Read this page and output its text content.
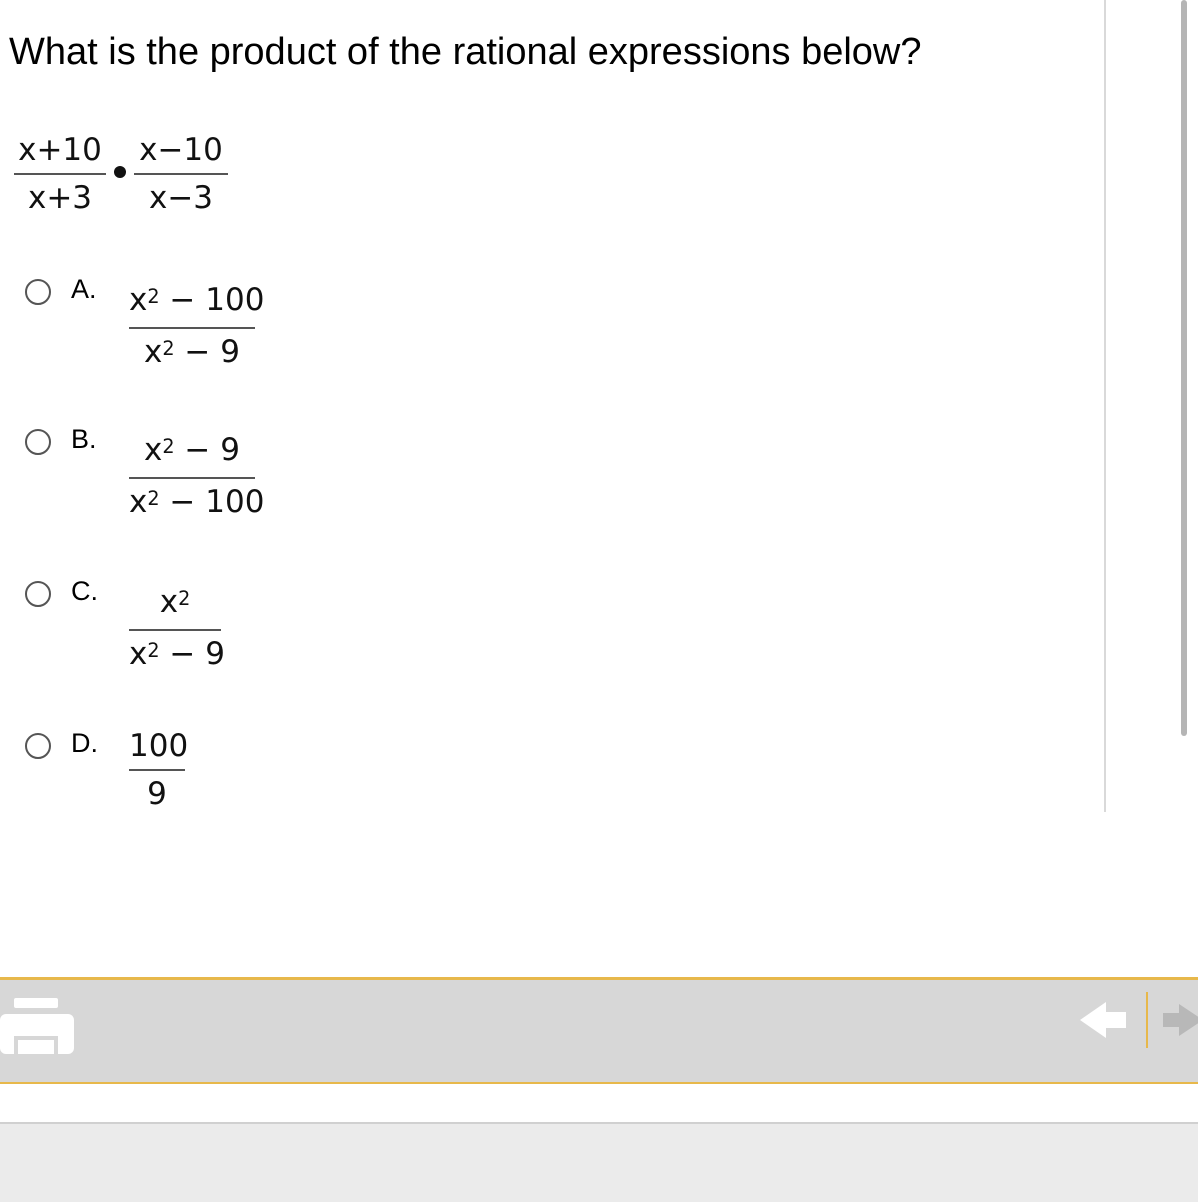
What is the product of the rational expressions below?
x+10
x+3
x−10
x−3
A. $x^2 - 100$
$x^2 - 9$
B.	$x^2 - 9$
$x^2 - 100$
C.	$x^2$
$x^2 - 9$
D. 100
9
